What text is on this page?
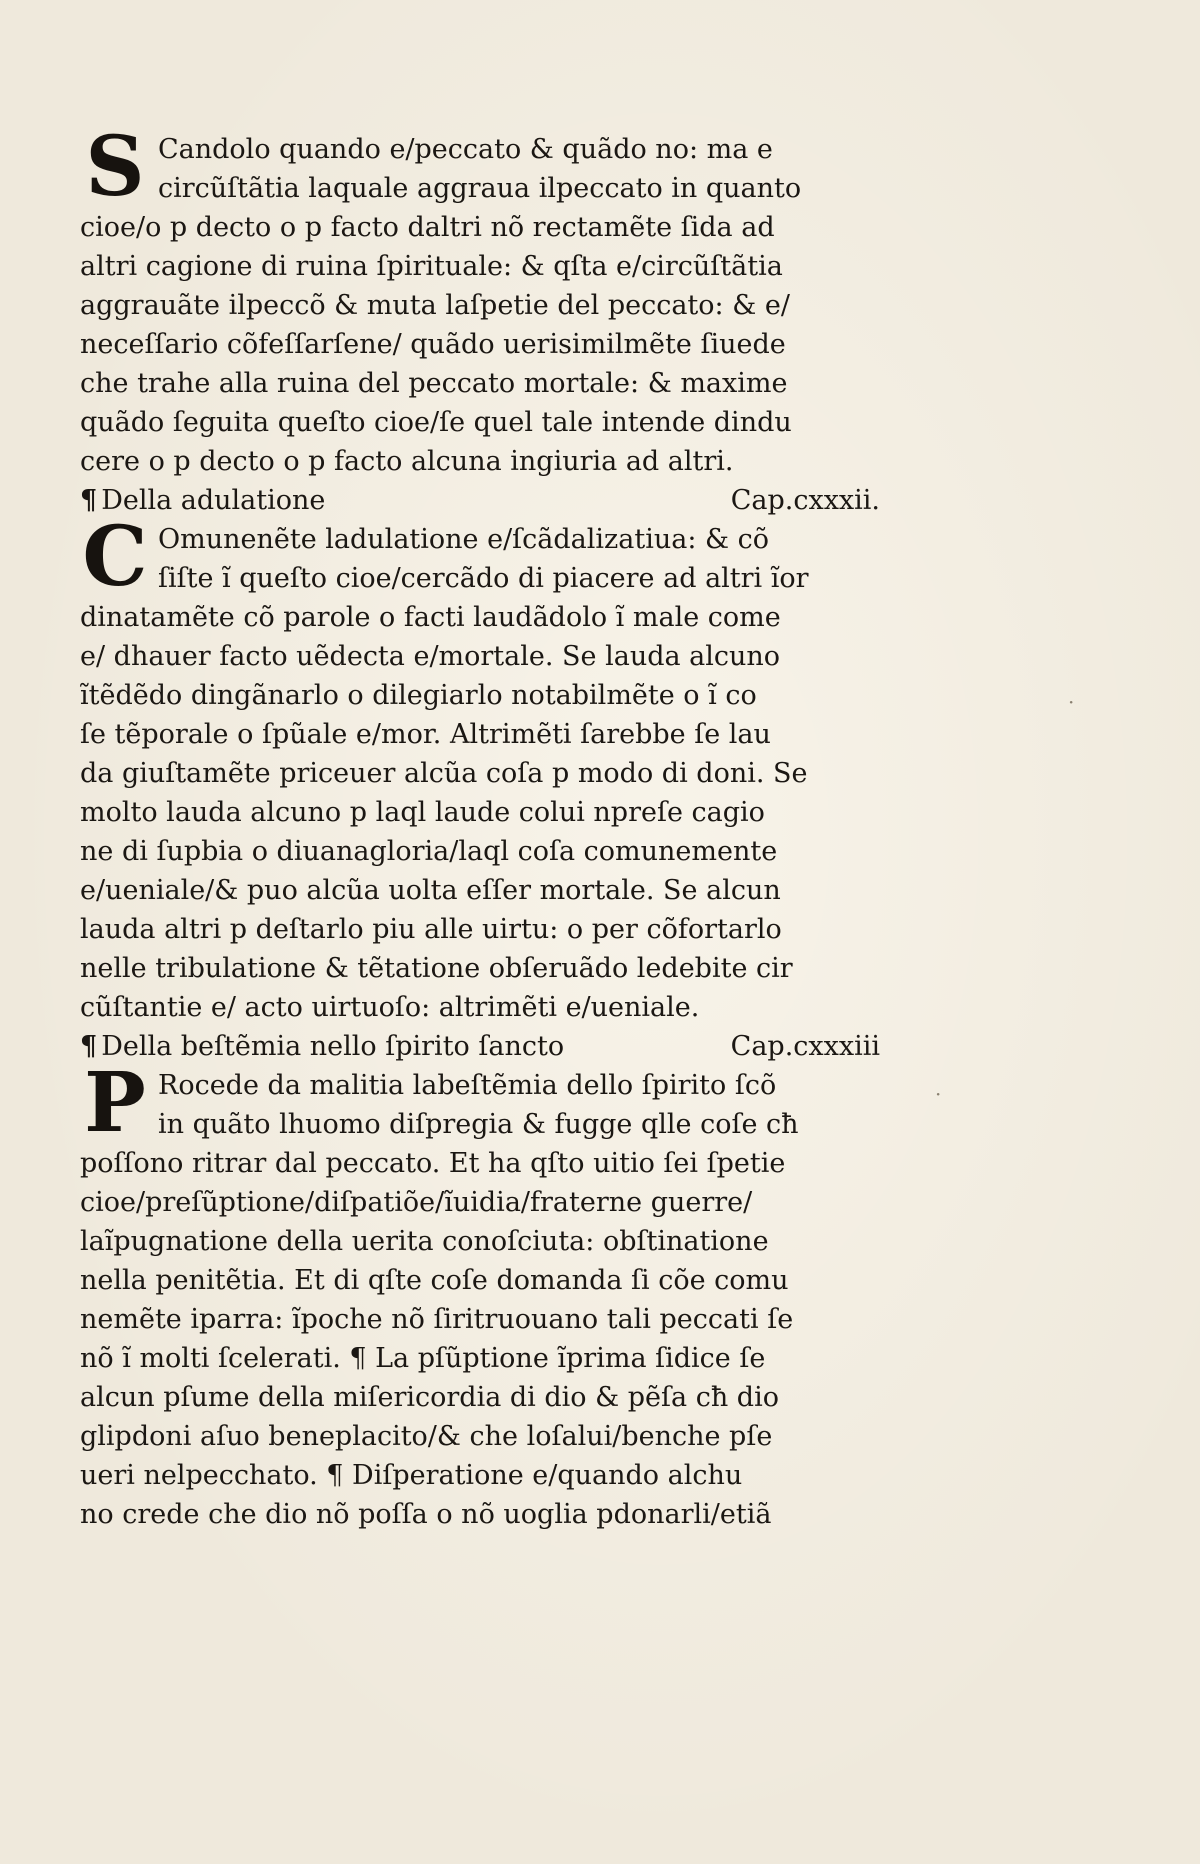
S Candolo quando e/peccato & quãdo no: ma e
circũſtãtia laquale aggraua ilpeccato in quanto
cioe/o p decto o p facto daltri nõ rectamẽte ſida ad
altri cagione di ruina ſpirituale: & qſta e/circũſtãtia
aggrauãte ilpeccõ & muta laſpetie del peccato: & e/
neceſſario cõfeſſarſene/ quãdo uerisimilmẽte ſiuede
che trahe alla ruina del peccato mortale: & maxime
quãdo ſeguita queſto cioe/ſe quel tale intende dindu
cere o p decto o p facto alcuna ingiuria ad altri.
¶ Della adulatione	Cap.cxxxii.
C Omunenẽte ladulatione e/ſcãdalizatiua: & cõ
ſiſte ĩ queſto cioe/cercãdo di piacere ad altri ĩor
dinatamẽte cõ parole o facti laudãdolo ĩ male come
e/ dhauer facto uẽdecta e/mortale. Se lauda alcuno
ĩtẽdẽdo dingãnarlo o dilegiarlo notabilmẽte o ĩ co
ſe tẽporale o ſpũale e/mor. Altrimẽti ſarebbe ſe lau
da giuſtamẽte priceuer alcũa coſa p modo di doni. Se
molto lauda alcuno p laql laude colui npreſe cagio
ne di ſupbia o diuanagloria/laql coſa comunemente
e/ueniale/& puo alcũa uolta eſſer mortale. Se alcun
lauda altri p deſtarlo piu alle uirtu: o per cõfortarlo
nelle tribulatione & tẽtatione obſeruãdo ledebite cir
cũſtantie e/ acto uirtuoſo: altrimẽti e/ueniale.
¶ Della beſtẽmia nello ſpirito ſancto	Cap.cxxxiii
P Rocede da malitia labeſtẽmia dello ſpirito ſcõ
in quãto lhuomo diſpregia & fugge qlle coſe cħ
poſſono ritrar dal peccato. Et ha qſto uitio ſei ſpetie
cioe/preſũptione/diſpatiõe/ĩuidia/fraterne guerre/
laĩpugnatione della uerita conoſciuta: obſtinatione
nella penitẽtia. Et di qſte coſe domanda ſi cõe comu
nemẽte iparra: ĩpoche nõ ſiritruouano tali peccati ſe
nõ ĩ molti ſcelerati. ¶ La pſũptione ĩprima ſidice ſe
alcun pſume della miſericordia di dio & pẽſa cħ dio
glipdoni aſuo beneplacito/& che loſalui/benche pſe
ueri nelpecchato. ¶ Diſperatione e/quando alchu
no crede che dio nõ poſſa o nõ uoglia pdonarli/etiã
·
·
